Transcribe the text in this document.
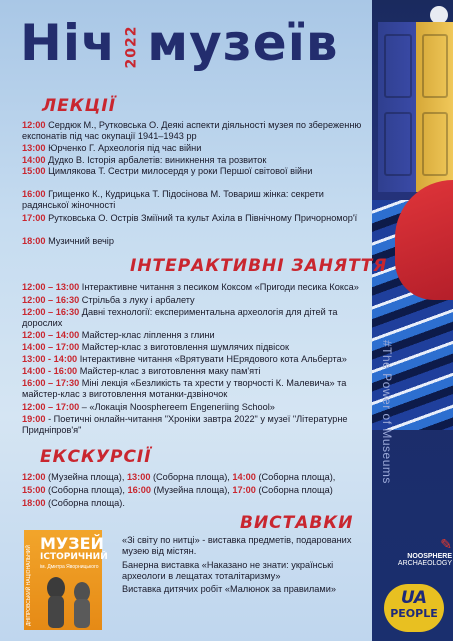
#The Power of Museums
Ніч 2022 музеїв
ЛЕКЦІЇ
12:00 Сердюк М., Рутковська О. Деякі аспекти діяльності музея по збереженню експонатів під час окупації 1941–1943 рр
13:00 Юрченко Г. Археологія під час війни
14:00 Дудко В. Історія арбалетів: виникнення та розвиток
15:00 Цимлякова Т. Сестри милосердя у роки Першої світової війни
16:00 Грищенко К., Кудрицька Т. Підосінова М. Товариш жінка: секрети радянської жіночності
17:00 Рутковська О. Острів Зміїний та культ Ахіла в Північному Причорномор'ї
18:00 Музичний вечір
ІНТЕРАКТИВНІ ЗАНЯТТЯ
12:00 – 13:00 Інтерактивне читання з песиком Коксом «Пригоди песика Кокса»
12:00 – 16:30 Стрільба з луку і арбалету
12:00 – 16:30 Давні технології: експериментальна археологія для дітей та дорослих
12:00 – 14:00 Майстер-клас ліплення з глини
14:00 – 17:00 Майстер-клас з виготовлення шумлячих підвісок
13:00 - 14:00 Інтерактивне читання «Врятувати НЕрядового кота Альберта»
14:00 - 16:00 Майстер-клас з виготовлення маку пам'яті
16:00 – 17:30 Міні лекція «Безликість та хрести у творчості К. Малевича» та майстер-клас з виготовлення мотанки-дзвіночок
12:00 – 17:00 – «Локація Noospherееm Engeneriing School»
19:00 - Поетичні онлайн-читання "Хроніки завтра 2022" у музеї "Літературне Придніпров'я"
ЕКСКУРСІЇ
12:00 (Музейна площа), 13:00 (Соборна площа), 14:00 (Соборна площа),
15:00 (Соборна площа), 16:00 (Музейна площа), 17:00 (Соборна площа)
18:00 (Соборна площа).
ВИСТАВКИ
«Зі світу по нитці» - виставка предметів, подарованих музею від містян.
Банерна виставка «Наказано не знати: українські археологи в лещатах тоталітаризму»
Виставка дитячих робіт «Малюнок за правилами»
ДНІПРОВСЬКИЙ НАЦІОНАЛЬНИЙ
МУЗЕЙ
ІСТОРИЧНИЙ
ім. Дмитра Яворницького
✎
NOOSPHERE
ARCHAEOLOGY
UA
PEOPLE
